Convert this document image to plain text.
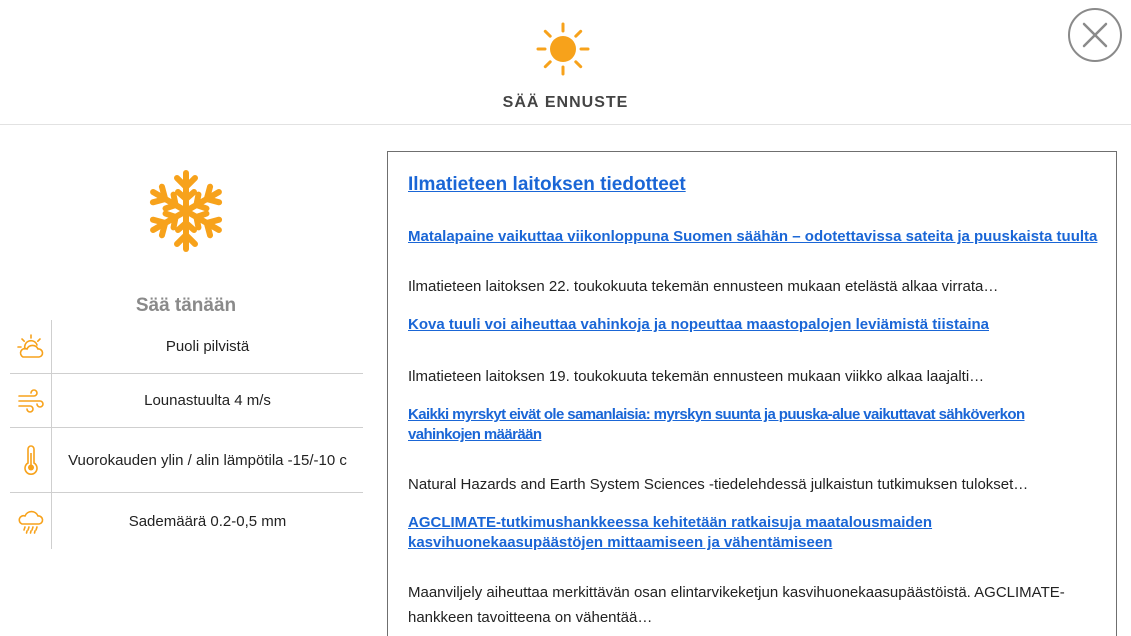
SÄÄ ENNUSTE
Sää tänään
Puoli pilvistä
Lounastuulta 4 m/s
Vuorokauden ylin / alin lämpötila -15/-10 c
Sademäärä 0.2-0,5 mm
Ilmatieteen laitoksen tiedotteet
Matalapaine vaikuttaa viikonloppuna Suomen säähän – odotettavissa sateita ja puuskaista tuulta
Ilmatieteen laitoksen 22. toukokuuta tekemän ennusteen mukaan etelästä alkaa virrata…
Kova tuuli voi aiheuttaa vahinkoja ja nopeuttaa maastopalojen leviämistä tiistaina
Ilmatieteen laitoksen 19. toukokuuta tekemän ennusteen mukaan viikko alkaa laajalti…
Kaikki myrskyt eivät ole samanlaisia: myrskyn suunta ja puuska-alue vaikuttavat sähköverkon vahinkojen määrään
Natural Hazards and Earth System Sciences -tiedelehdessä julkaistun tutkimuksen tulokset…
AGCLIMATE-tutkimushankkeessa kehitetään ratkaisuja maatalousmaiden kasvihuonekaasupäästöjen mittaamiseen ja vähentämiseen
Maanviljely aiheuttaa merkittävän osan elintarvikeketjun kasvihuonekaasupäästöistä. AGCLIMATE-hankkeen tavoitteena on vähentää…
